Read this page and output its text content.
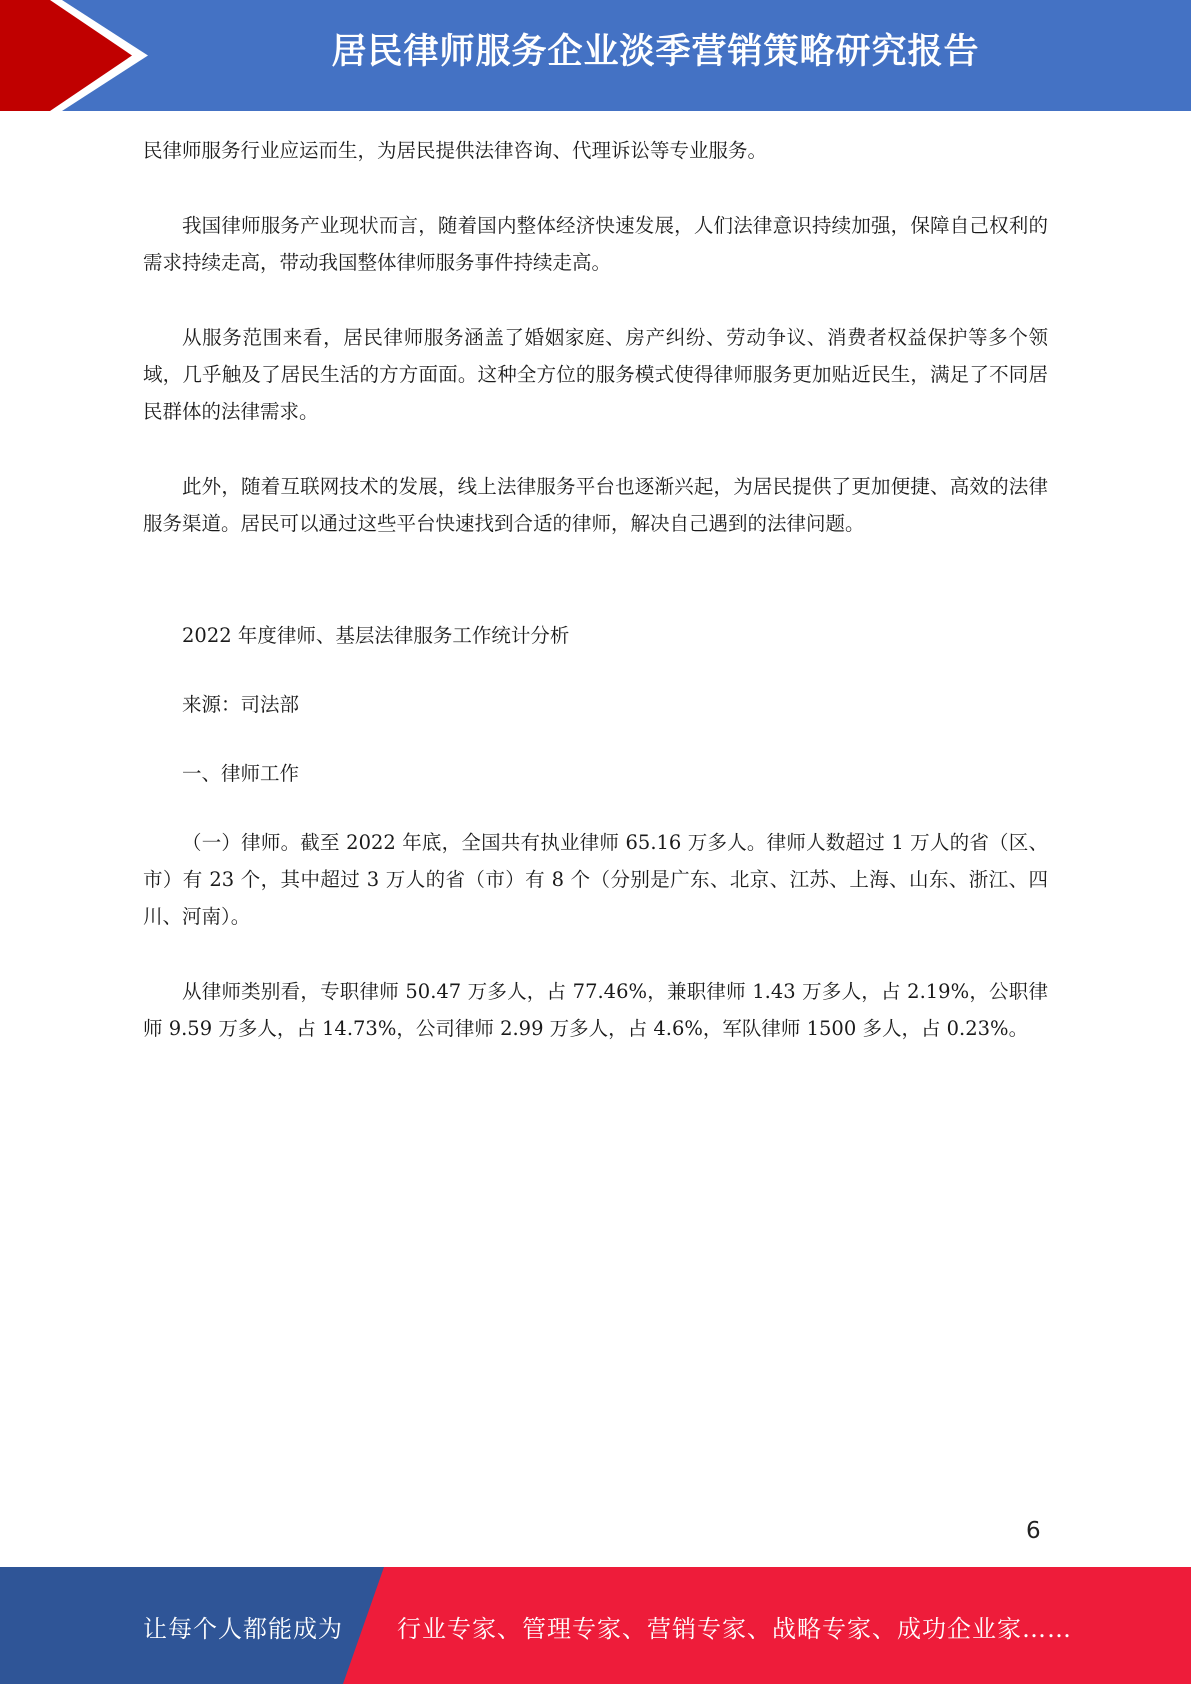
居民律师服务企业淡季营销策略研究报告

民律师服务行业应运而生，为居民提供法律咨询、代理诉讼等专业服务。

我国律师服务产业现状而言，随着国内整体经济快速发展，人们法律意识持续加强，保障自己权利的需求持续走高，带动我国整体律师服务事件持续走高。

从服务范围来看，居民律师服务涵盖了婚姻家庭、房产纠纷、劳动争议、消费者权益保护等多个领域，几乎触及了居民生活的方方面面。这种全方位的服务模式使得律师服务更加贴近民生，满足了不同居民群体的法律需求。

此外，随着互联网技术的发展，线上法律服务平台也逐渐兴起，为居民提供了更加便捷、高效的法律服务渠道。居民可以通过这些平台快速找到合适的律师，解决自己遇到的法律问题。

2022 年度律师、基层法律服务工作统计分析

来源：司法部

一、律师工作

（一）律师。截至 2022 年底，全国共有执业律师 65.16 万多人。律师人数超过 1 万人的省（区、市）有 23 个，其中超过 3 万人的省（市）有 8 个（分别是广东、北京、江苏、上海、山东、浙江、四川、河南）。

从律师类别看，专职律师 50.47 万多人，占 77.46%，兼职律师 1.43 万多人，占 2.19%，公职律师 9.59 万多人，占 14.73%，公司律师 2.99 万多人，占 4.6%，军队律师 1500 多人，占 0.23%。

6
让每个人都能成为 行业专家、管理专家、营销专家、战略专家、成功企业家……
